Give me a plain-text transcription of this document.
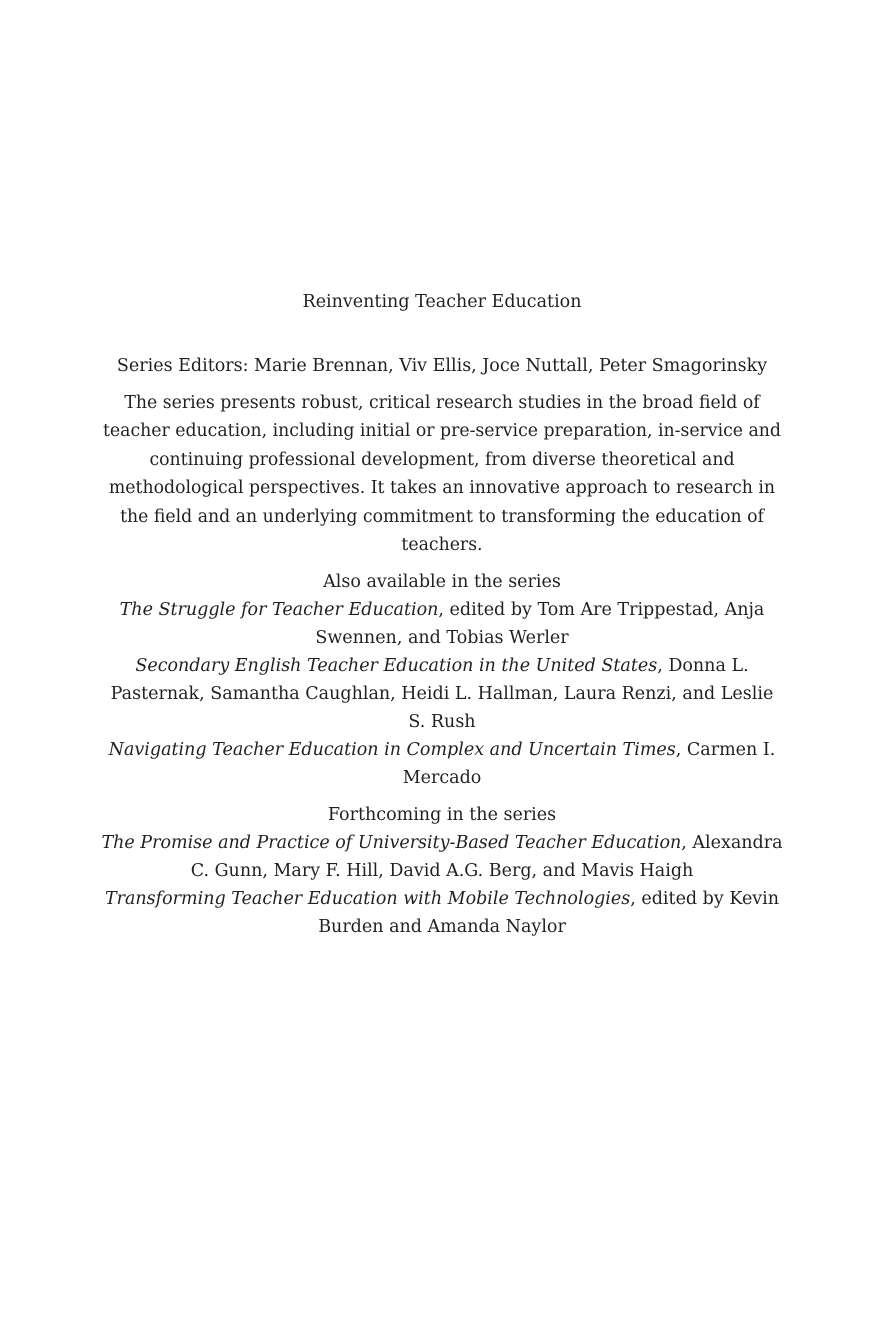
Reinventing Teacher Education

Series Editors: Marie Brennan, Viv Ellis, Joce Nuttall, Peter Smagorinsky

The series presents robust, critical research studies in the broad field of teacher education, including initial or pre-service preparation, in-service and continuing professional development, from diverse theoretical and methodological perspectives. It takes an innovative approach to research in the field and an underlying commitment to transforming the education of teachers.

Also available in the series
The Struggle for Teacher Education, edited by Tom Are Trippestad, Anja Swennen, and Tobias Werler
Secondary English Teacher Education in the United States, Donna L. Pasternak, Samantha Caughlan, Heidi L. Hallman, Laura Renzi, and Leslie S. Rush
Navigating Teacher Education in Complex and Uncertain Times, Carmen I. Mercado
Forthcoming in the series
The Promise and Practice of University-Based Teacher Education, Alexandra C. Gunn, Mary F. Hill, David A.G. Berg, and Mavis Haigh
Transforming Teacher Education with Mobile Technologies, edited by Kevin Burden and Amanda Naylor
